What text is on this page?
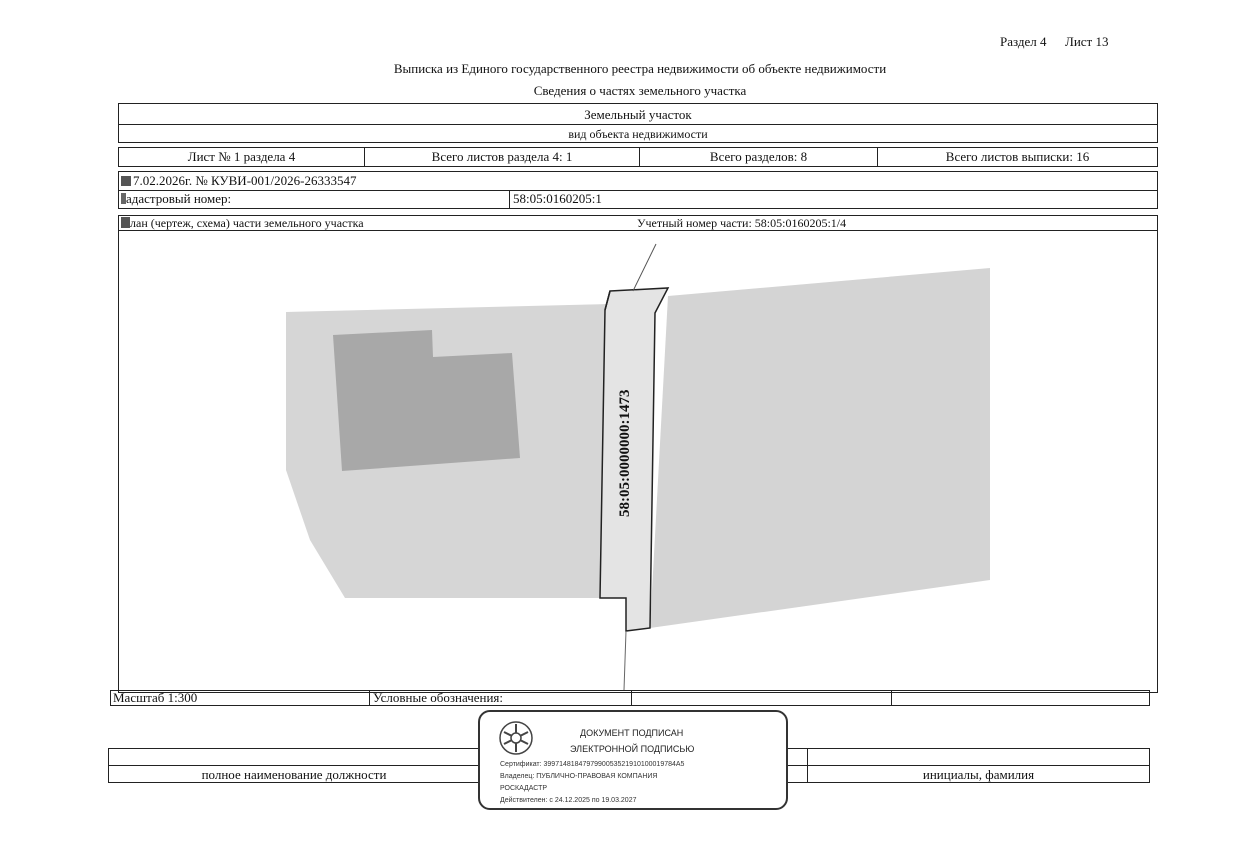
Раздел 4 Лист 13
Выписка из Единого государственного реестра недвижимости об объекте недвижимости
Сведения о частях земельного участка
Земельный участок
вид объекта недвижимости
Лист № 1 раздела 4	Всего листов раздела 4: 1	Всего разделов: 8	Всего листов выписки: 16
7.02.2026г. № КУВИ-001/2026-26333547
адастровый номер:	58:05:0160205:1
лан (чертеж, схема) части земельного участка	Учетный номер части: 58:05:0160205:1/4
58:05:0000000:1473
Масштаб 1:300	Условные обозначения:
полное наименование должности	инициалы, фамилия
ДОКУМЕНТ ПОДПИСАН
ЭЛЕКТРОННОЙ ПОДПИСЬЮ
Сертификат: 3997148184797990053521910100019784А5
Владелец: ПУБЛИЧНО-ПРАВОВАЯ КОМПАНИЯ
РОСКАДАСТР
Действителен: с 24.12.2025 по 19.03.2027
